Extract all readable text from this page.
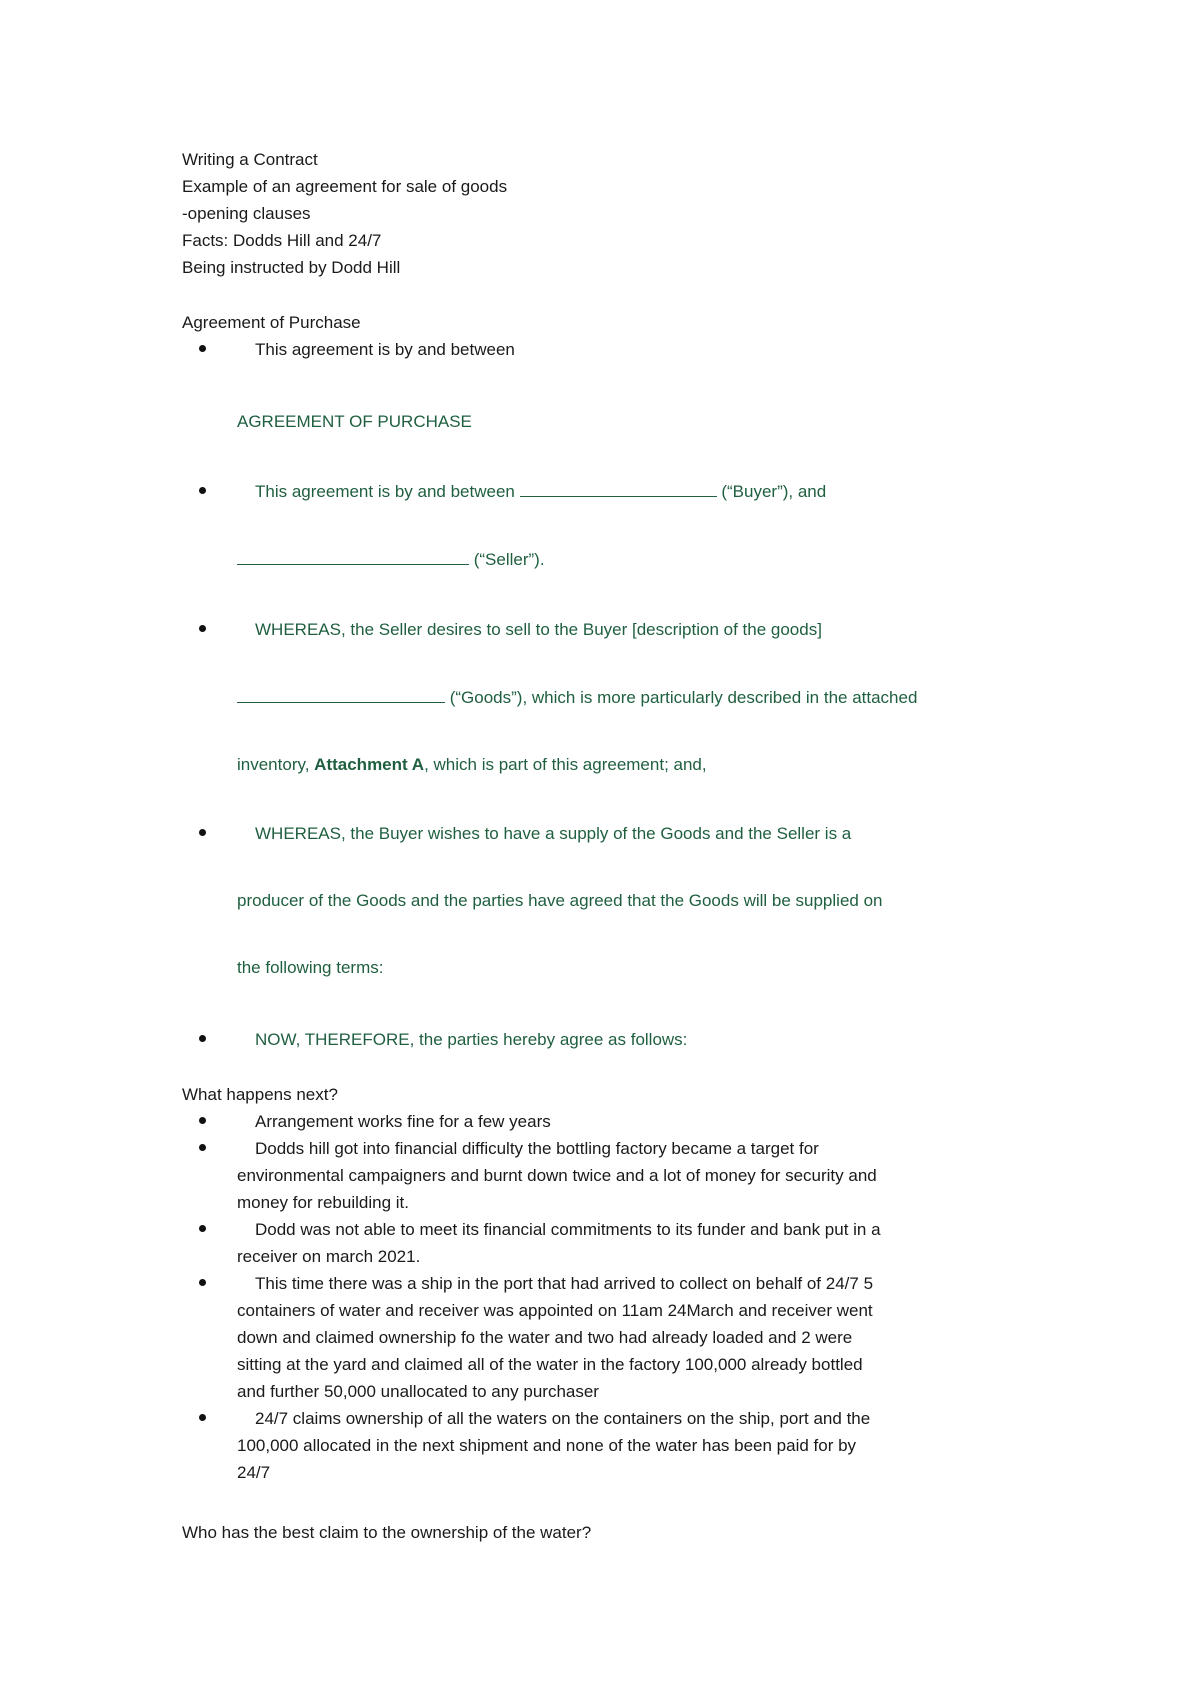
Writing a Contract
Example of an agreement for sale of goods
-opening clauses
Facts: Dodds Hill and 24/7
Being instructed by Dodd Hill
Agreement of Purchase
This agreement is by and between
AGREEMENT OF PURCHASE
This agreement is by and between	(“Buyer”), and
(“Seller”).
WHEREAS, the Seller desires to sell to the Buyer [description of the goods]
(“Goods”), which is more particularly described in the attached
inventory, Attachment A, which is part of this agreement; and,
WHEREAS, the Buyer wishes to have a supply of the Goods and the Seller is a
producer of the Goods and the parties have agreed that the Goods will be supplied on
the following terms:
NOW, THEREFORE, the parties hereby agree as follows:
What happens next?
Arrangement works fine for a few years
Dodds hill got into financial difficulty the bottling factory became a target for
environmental campaigners and burnt down twice and a lot of money for security and
money for rebuilding it.
Dodd was not able to meet its financial commitments to its funder and bank put in a
receiver on march 2021.
This time there was a ship in the port that had arrived to collect on behalf of 24/7 5
containers of water and receiver was appointed on 11am 24March and receiver went
down and claimed ownership fo the water and two had already loaded and 2 were
sitting at the yard and claimed all of the water in the factory 100,000 already bottled
and further 50,000 unallocated to any purchaser
24/7 claims ownership of all the waters on the containers on the ship, port and the
100,000 allocated in the next shipment and none of the water has been paid for by
24/7
Who has the best claim to the ownership of the water?
